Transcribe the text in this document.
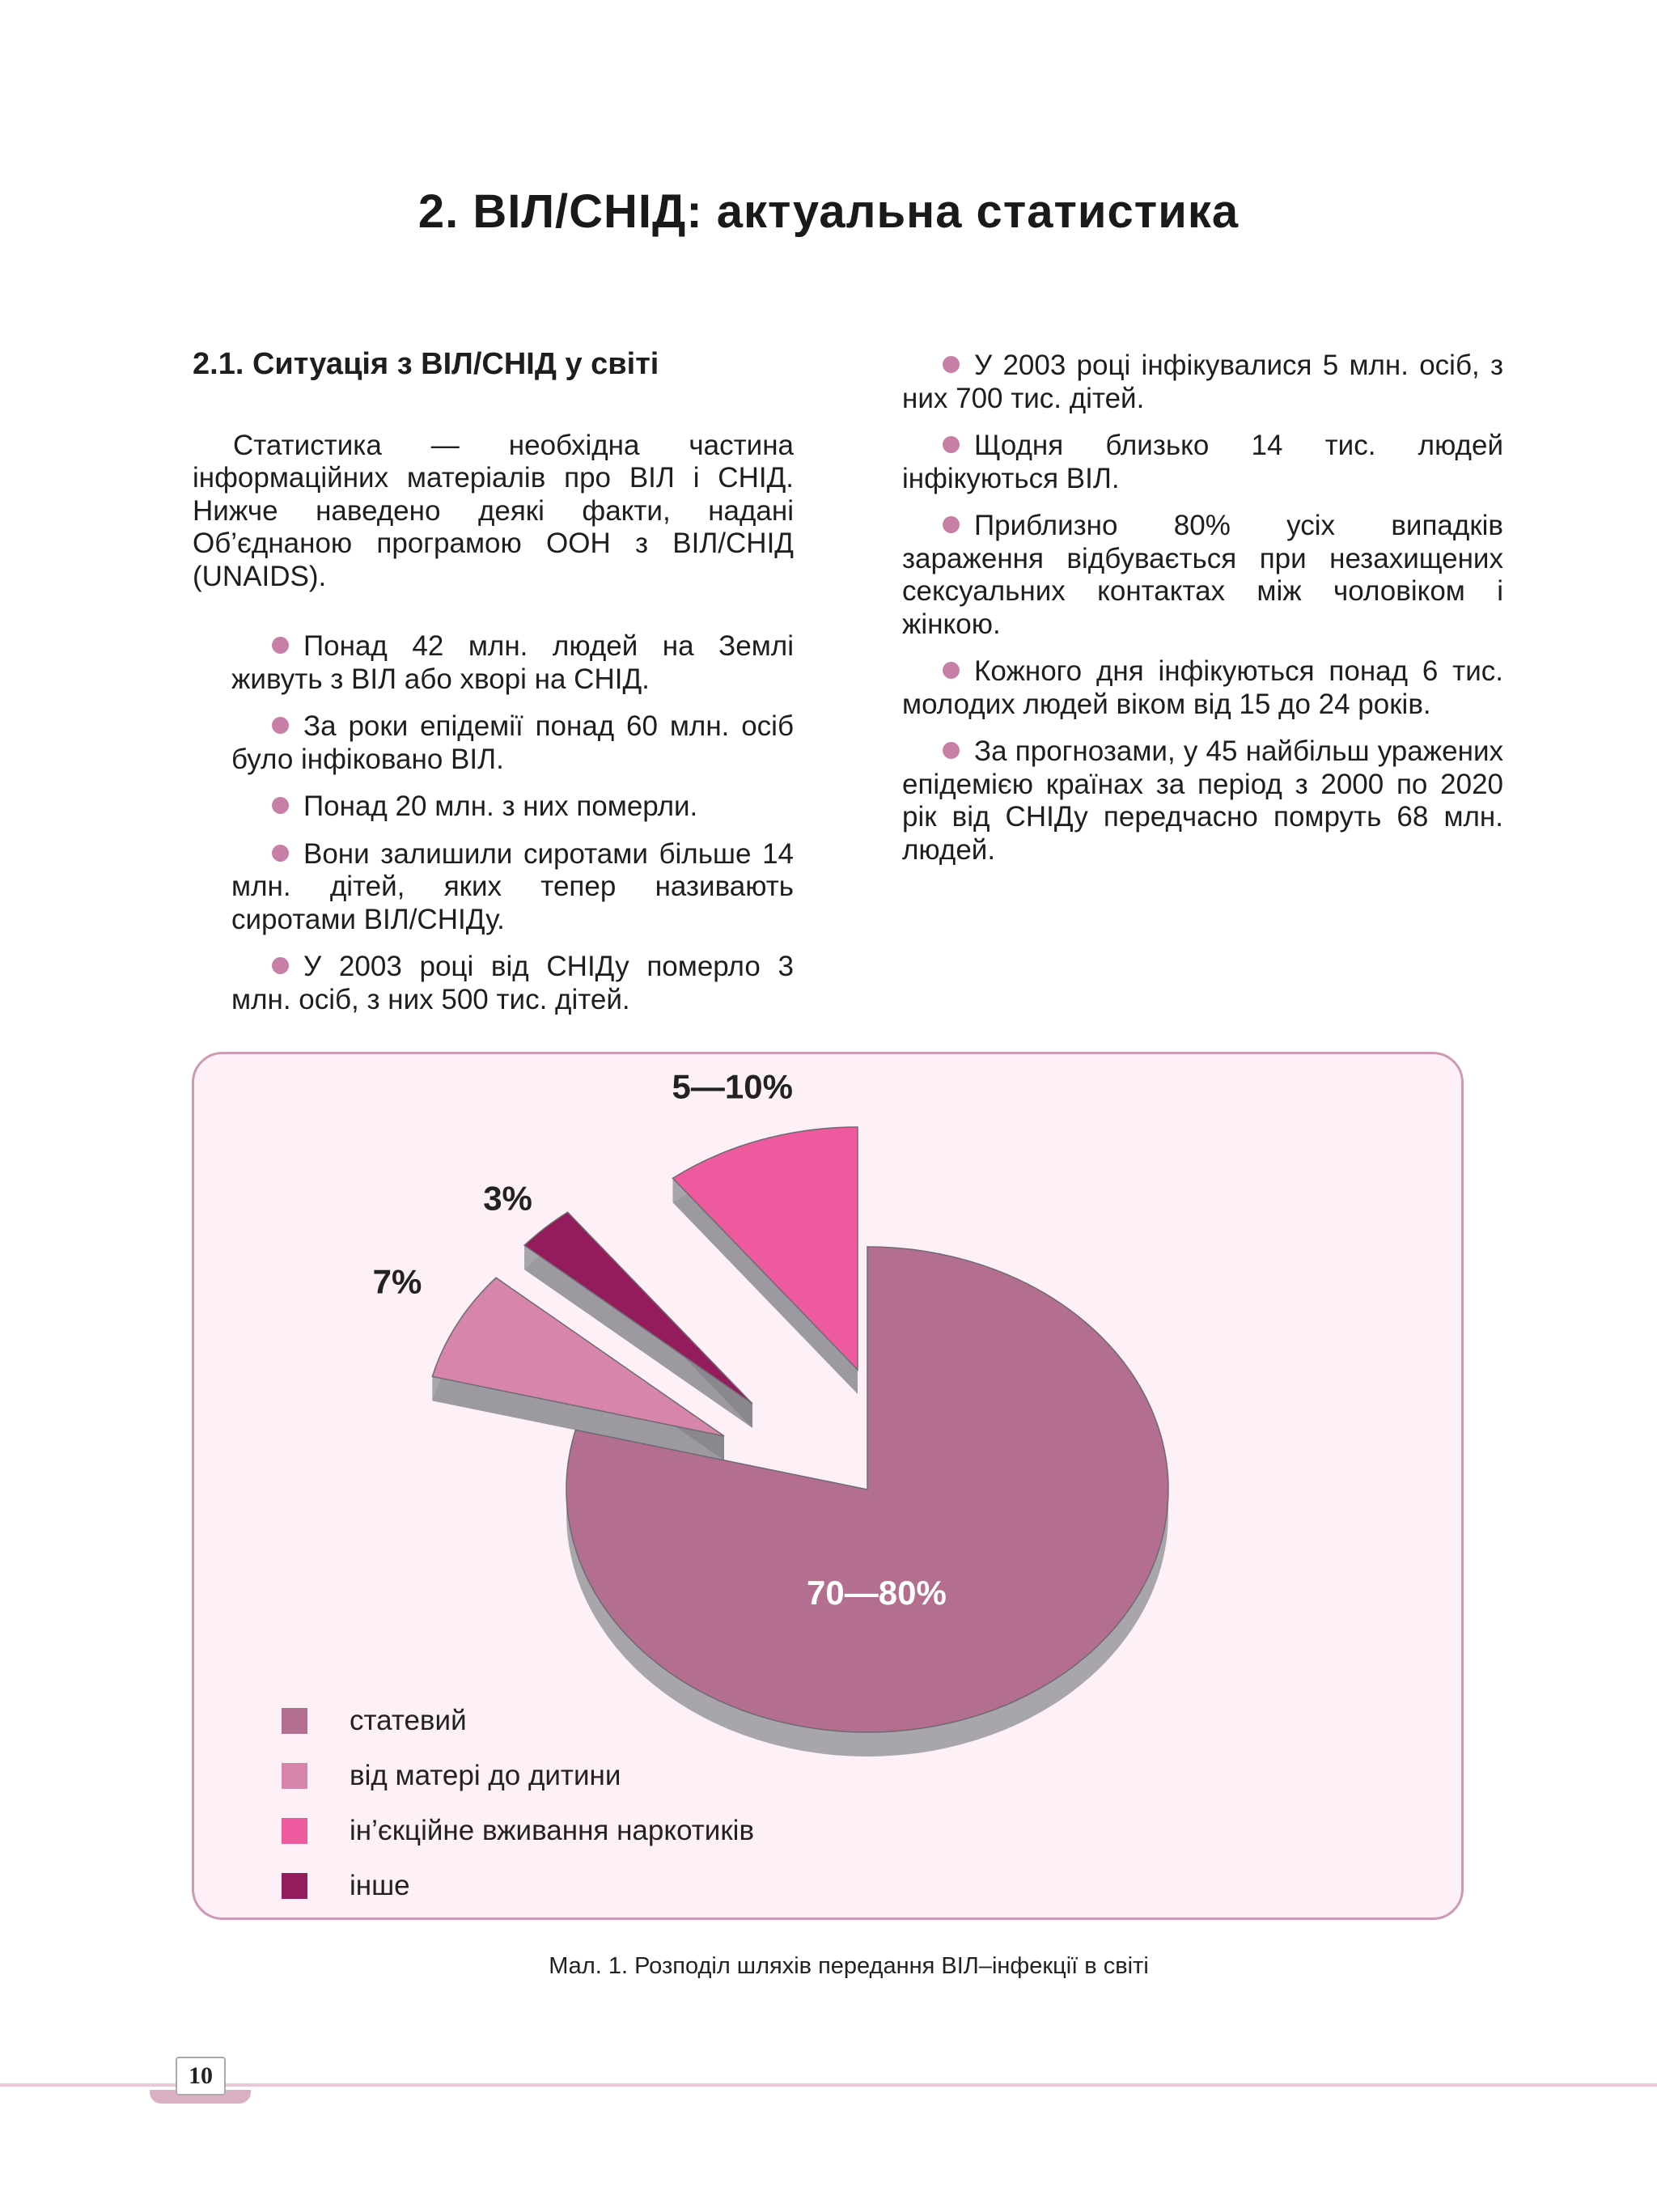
2. ВІЛ/СНІД: актуальна статистика
2.1. Ситуація з ВІЛ/СНІД у світі

Статистика — необхідна частина інформаційних матеріалів про ВІЛ і СНІД. Нижче наведено деякі факти, надані Об’єднаною програмою ООН з ВІЛ/СНІД (UNAIDS).

Понад 42 млн. людей на Землі живуть з ВІЛ або хворі на СНІД.

За роки епідемії понад 60 млн. осіб було інфіковано ВІЛ.

Понад 20 млн. з них померли.

Вони залишили сиротами більше 14 млн. дітей, яких тепер називають сиротами ВІЛ/СНІДу.

У 2003 році від СНІДу померло 3 млн. осіб, з них 500 тис. дітей.

У 2003 році інфікувалися 5 млн. осіб, з них 700 тис. дітей.

Щодня близько 14 тис. людей інфікуються ВІЛ.

Приблизно 80% усіх випадків зараження відбувається при незахищених сексуальних контактах між чоловіком і жінкою.

Кожного дня інфікуються понад 6 тис. молодих людей віком від 15 до 24 років.

За прогнозами, у 45 найбільш уражених епідемією країнах за період з 2000 по 2020 рік від СНІДу передчасно помруть 68 млн. людей.

5—10%
3%
7%
70—80%
статевий
від матері до дитини
ін’єкційне вживання наркотиків
інше
Мал. 1. Розподіл шляхів передання ВІЛ–інфекції в світі
10
